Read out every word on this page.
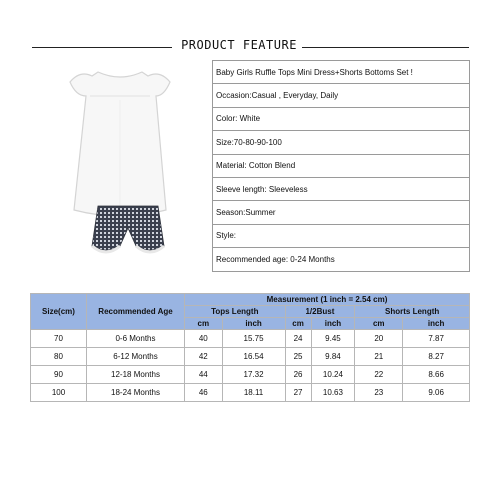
PRODUCT FEATURE
Baby Girls Ruffle Tops Mini Dress+Shorts Bottoms Set !
Occasion:Casual , Everyday, Daily
Color: White
Size:70-80-90-100
Material: Cotton Blend
Sleeve length: Sleeveless
Season:Summer
Style:
Recommended age: 0-24 Months
Size(cm)	Recommended Age	Measurement (1 inch = 2.54 cm)					
		Tops Length		1/2Bust		Shorts Length	
		cm	inch	cm	inch	cm	inch
70	0-6 Months	40	15.75	24	9.45	20	7.87
80	6-12 Months	42	16.54	25	9.84	21	8.27
90	12-18 Months	44	17.32	26	10.24	22	8.66
100	18-24 Months	46	18.11	27	10.63	23	9.06
